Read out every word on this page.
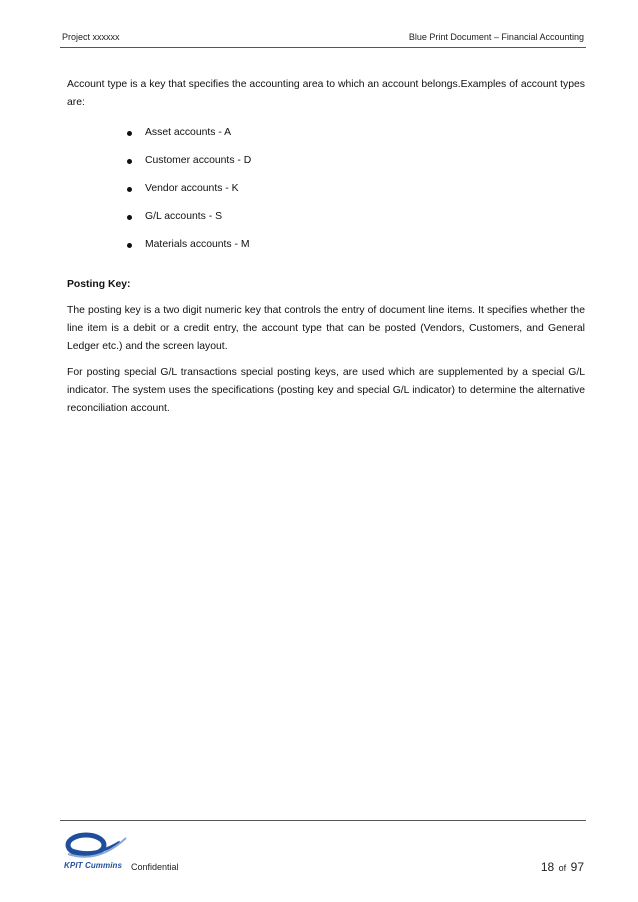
Project xxxxxx	Blue Print Document – Financial Accounting

Account type is a key that specifies the accounting area to which an account belongs.Examples of account types are:

Asset accounts - A
Customer accounts - D
Vendor accounts - K
G/L accounts - S
Materials accounts - M

Posting Key:

The posting key is a two digit numeric key that controls the entry of document line items. It specifies whether the line item is a debit or a credit entry, the account type that can be posted (Vendors, Customers, and General Ledger etc.) and the screen layout.

For posting special G/L transactions special posting keys, are used which are supplemented by a special G/L indicator. The system uses the specifications (posting key and special G/L indicator) to determine the alternative reconciliation account.

KPIT Cummins Confidential	18 of 97
